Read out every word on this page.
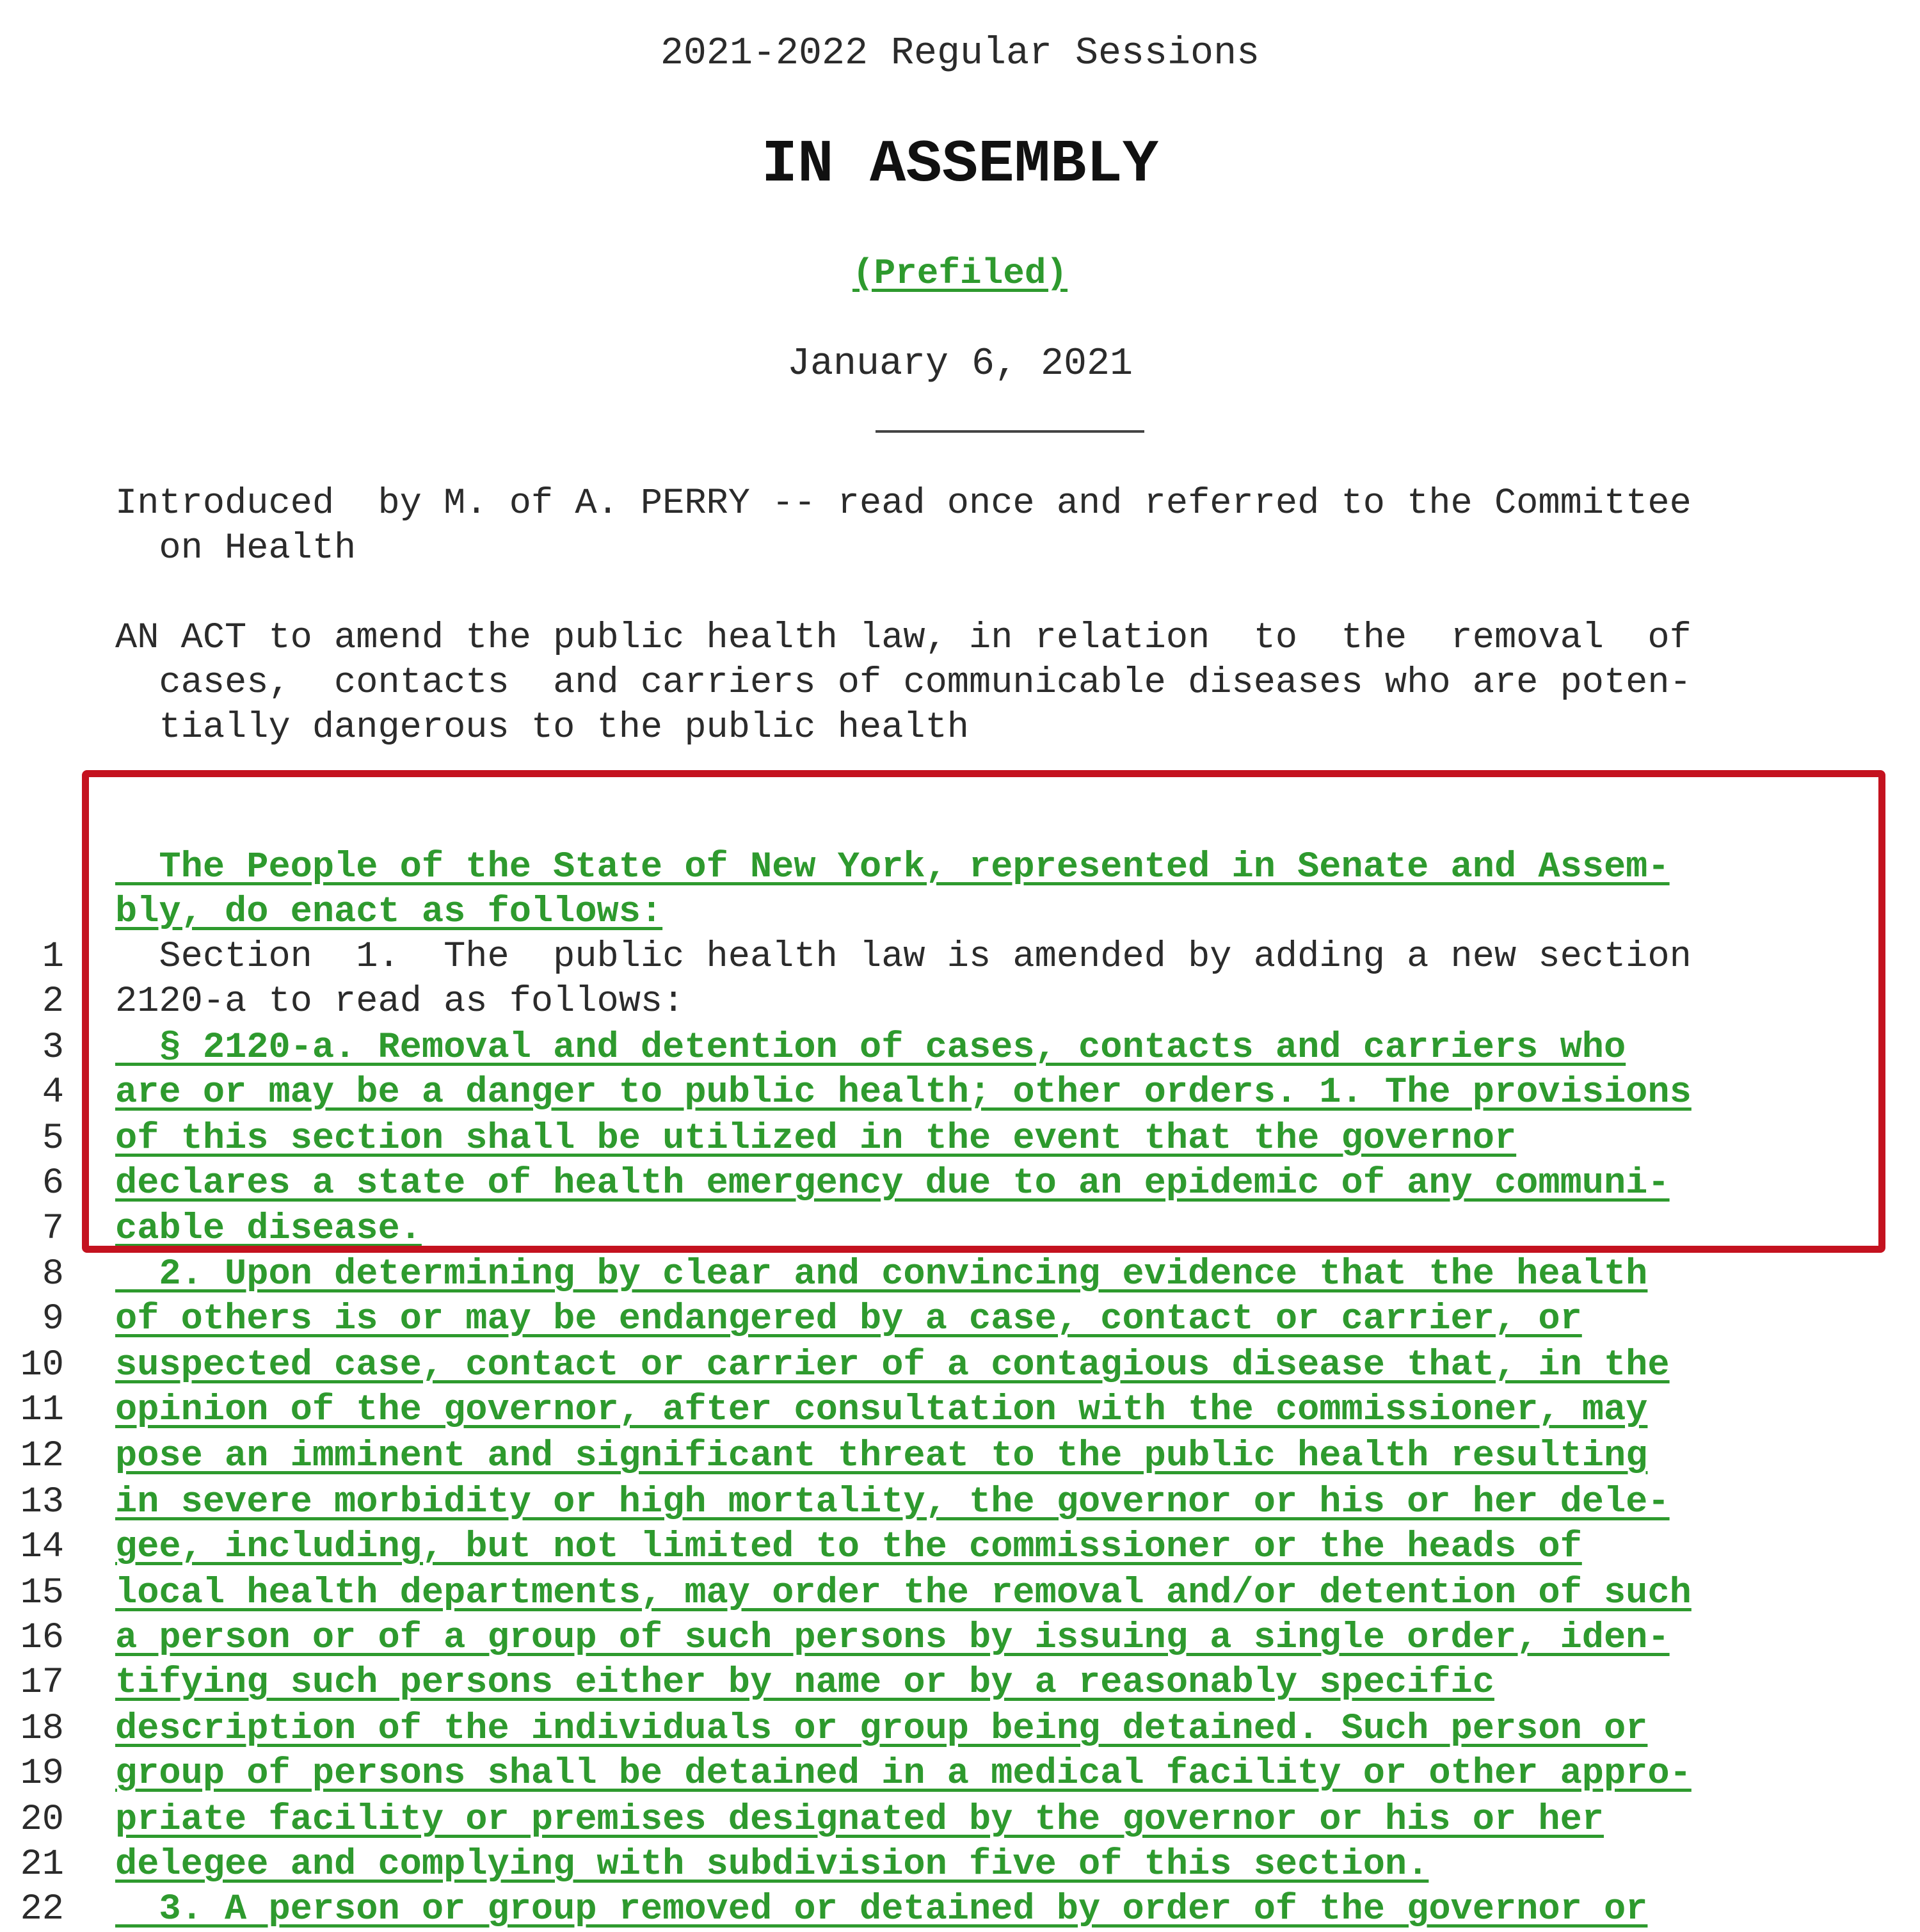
2021-2022 Regular Sessions
IN ASSEMBLY
(Prefiled)
January 6, 2021
Introduced  by M. of A. PERRY -- read once and referred to the Committee
on Health
AN ACT to amend the public health law, in relation  to  the  removal  of
cases,  contacts  and carriers of communicable diseases who are poten-
tially dangerous to the public health

The People of the State of New York, represented in Senate and Assem-

bly, do enact as follows:

1 Section  1.  The  public health law is amended by adding a new section
2 2120-a to read as follows:
3 § 2120-a. Removal and detention of cases, contacts and carriers who
4 are or may be a danger to public health; other orders. 1. The provisions
5 of this section shall be utilized in the event that the governor
6 declares a state of health emergency due to an epidemic of any communi-
7 cable disease.
8 2. Upon determining by clear and convincing evidence that the health
9 of others is or may be endangered by a case, contact or carrier, or
10 suspected case, contact or carrier of a contagious disease that, in the
11 opinion of the governor, after consultation with the commissioner, may
12 pose an imminent and significant threat to the public health resulting
13 in severe morbidity or high mortality, the governor or his or her dele-
14 gee, including, but not limited to the commissioner or the heads of
15 local health departments, may order the removal and/or detention of such
16 a person or of a group of such persons by issuing a single order, iden-
17 tifying such persons either by name or by a reasonably specific
18 description of the individuals or group being detained. Such person or
19 group of persons shall be detained in a medical facility or other appro-
20 priate facility or premises designated by the governor or his or her
21 delegee and complying with subdivision five of this section.
22 3. A person or group removed or detained by order of the governor or
